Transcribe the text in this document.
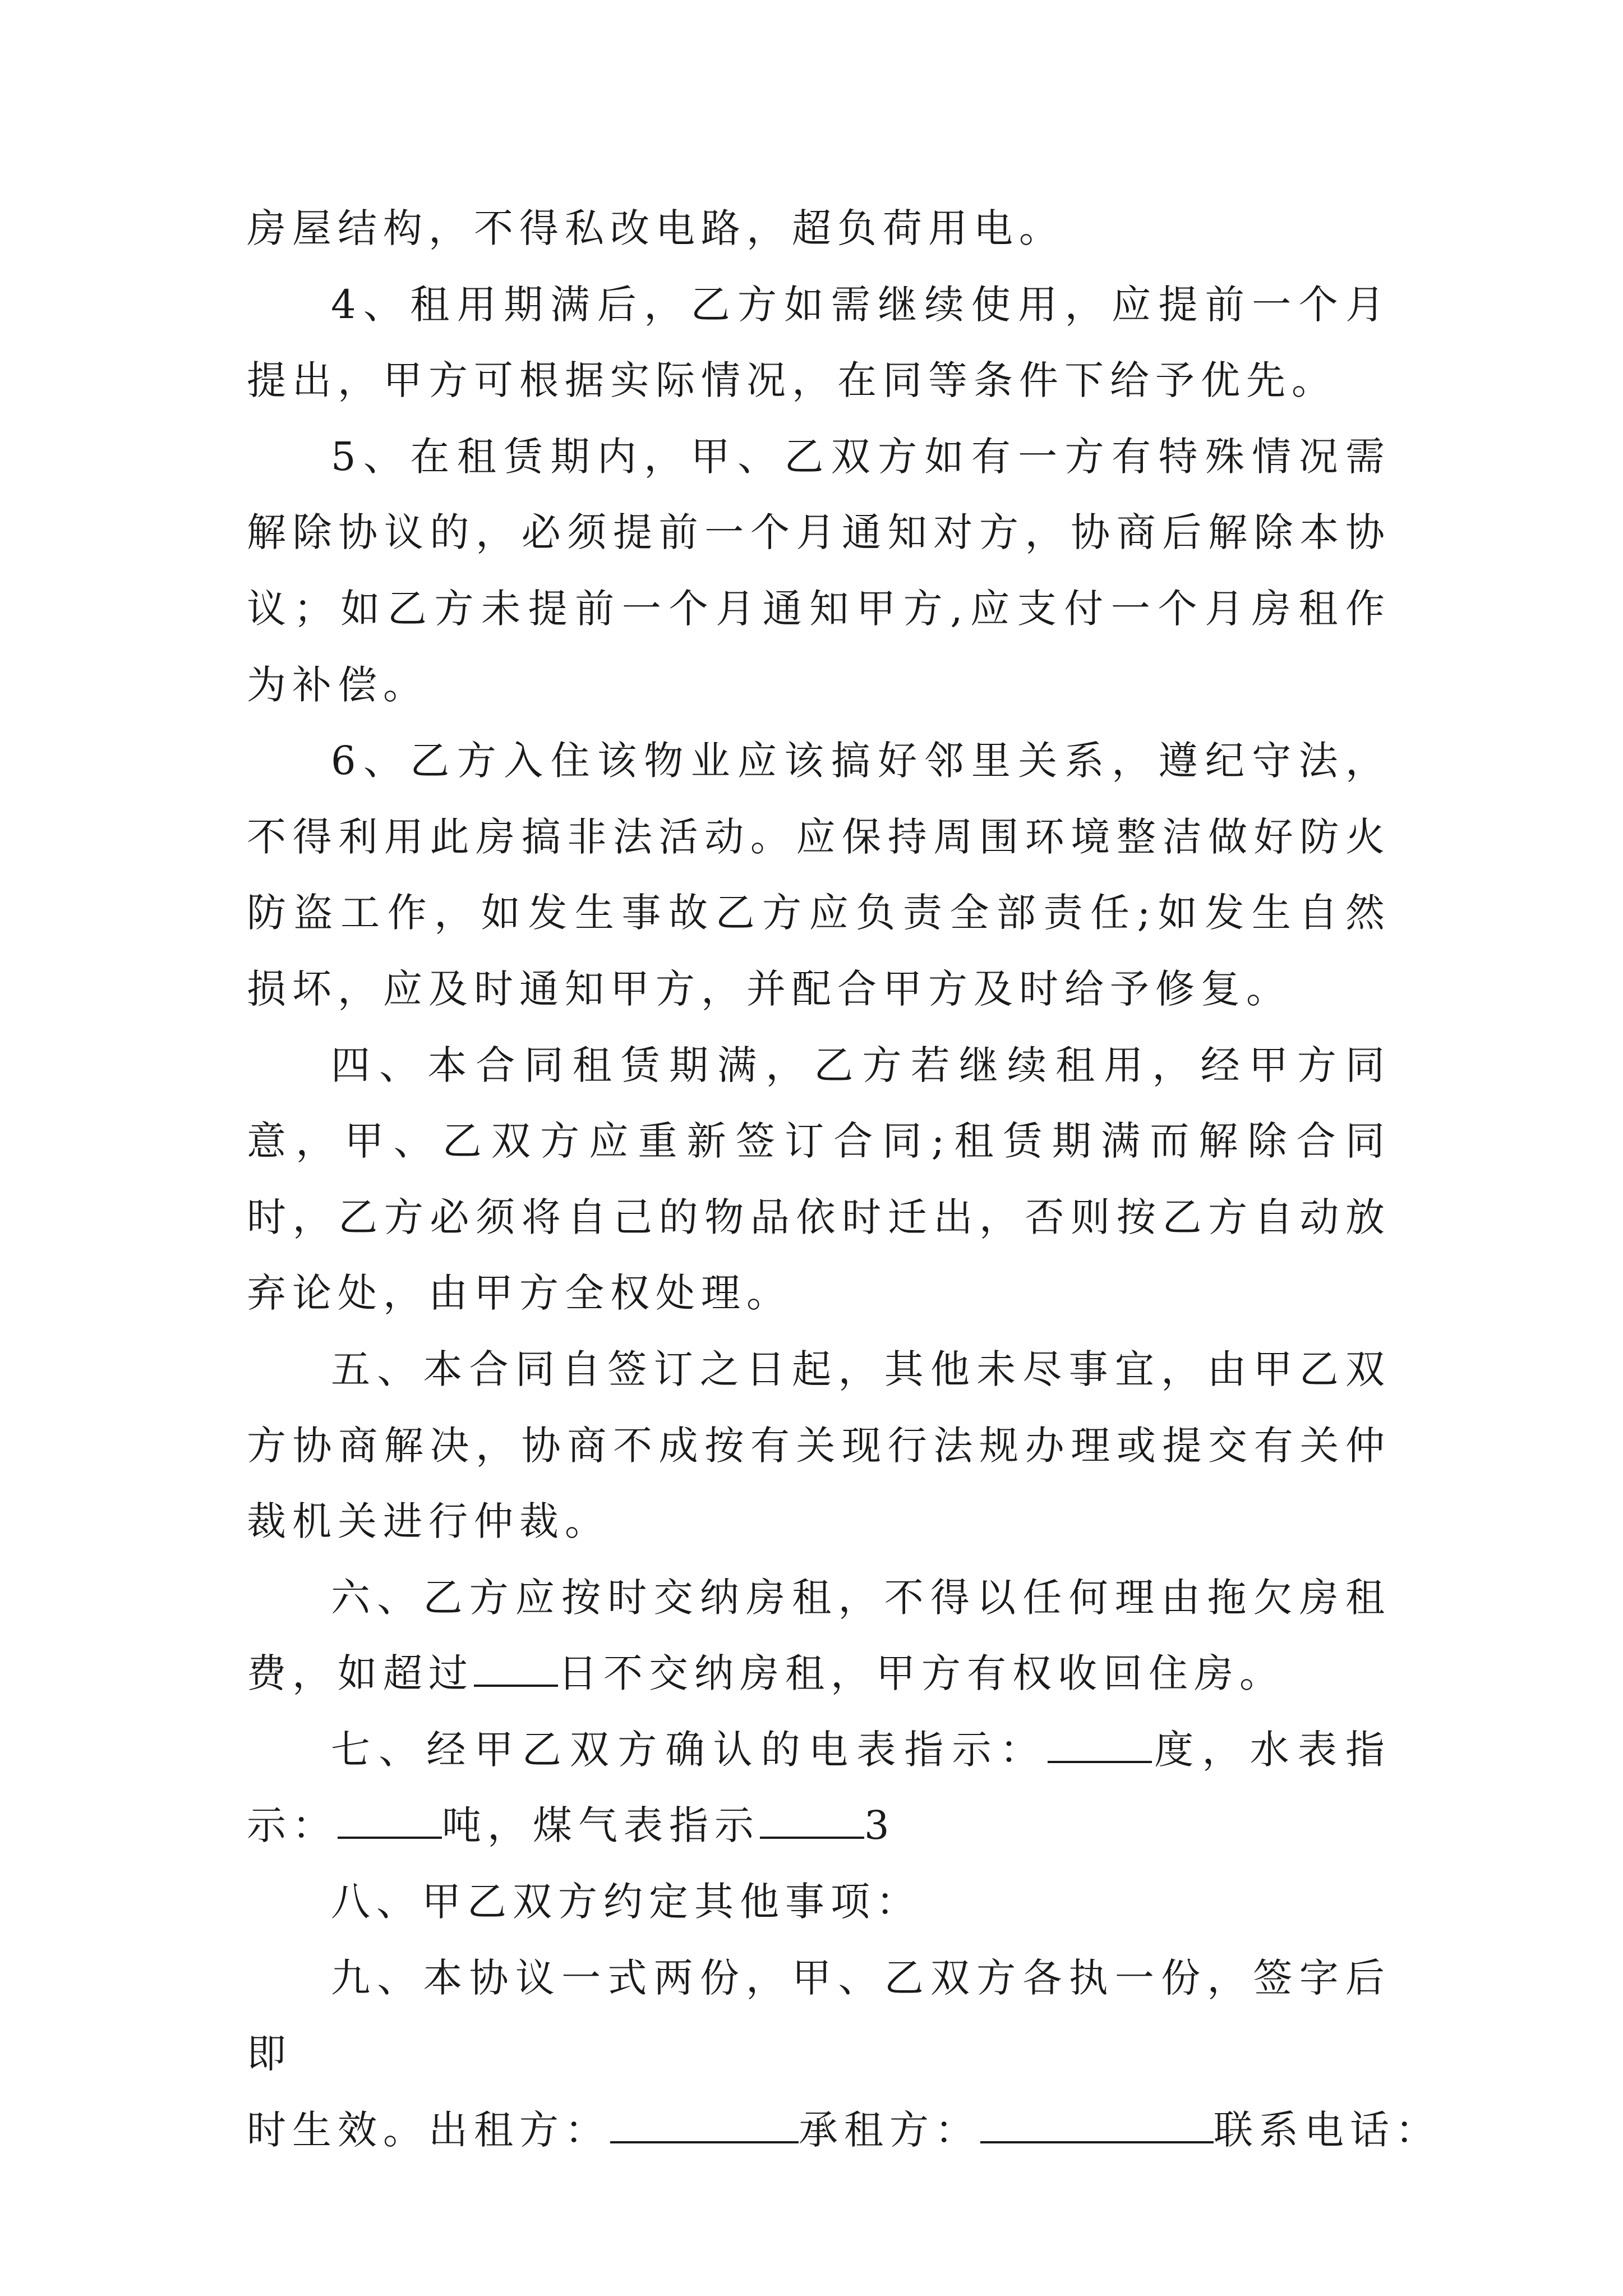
房屋结构，不得私改电路，超负荷用电。

4、租用期满后，乙方如需继续使用，应提前一个月提出，甲方可根据实际情况，在同等条件下给予优先。

5、在租赁期内，甲、乙双方如有一方有特殊情况需解除协议的，必须提前一个月通知对方，协商后解除本协议；如乙方未提前一个月通知甲方,应支付一个月房租作为补偿。

6、乙方入住该物业应该搞好邻里关系，遵纪守法，不得利用此房搞非法活动。应保持周围环境整洁做好防火防盗工作，如发生事故乙方应负责全部责任;如发生自然损坏，应及时通知甲方，并配合甲方及时给予修复。

四、本合同租赁期满，乙方若继续租用，经甲方同意，甲、乙双方应重新签订合同;租赁期满而解除合同时，乙方必须将自己的物品依时迁出，否则按乙方自动放弃论处，由甲方全权处理。

五、本合同自签订之日起，其他未尽事宜，由甲乙双方协商解决，协商不成按有关现行法规办理或提交有关仲裁机关进行仲裁。

六、乙方应按时交纳房租，不得以任何理由拖欠房租费，如超过 日不交纳房租，甲方有权收回住房。

七、经甲乙双方确认的电表指示：	度，水表指示：	吨，煤气表指示	3

八、甲乙双方约定其他事项：

九、本协议一式两份，甲、乙双方各执一份，签字后即

时生效。出租方：	承租方：	联系电话：
